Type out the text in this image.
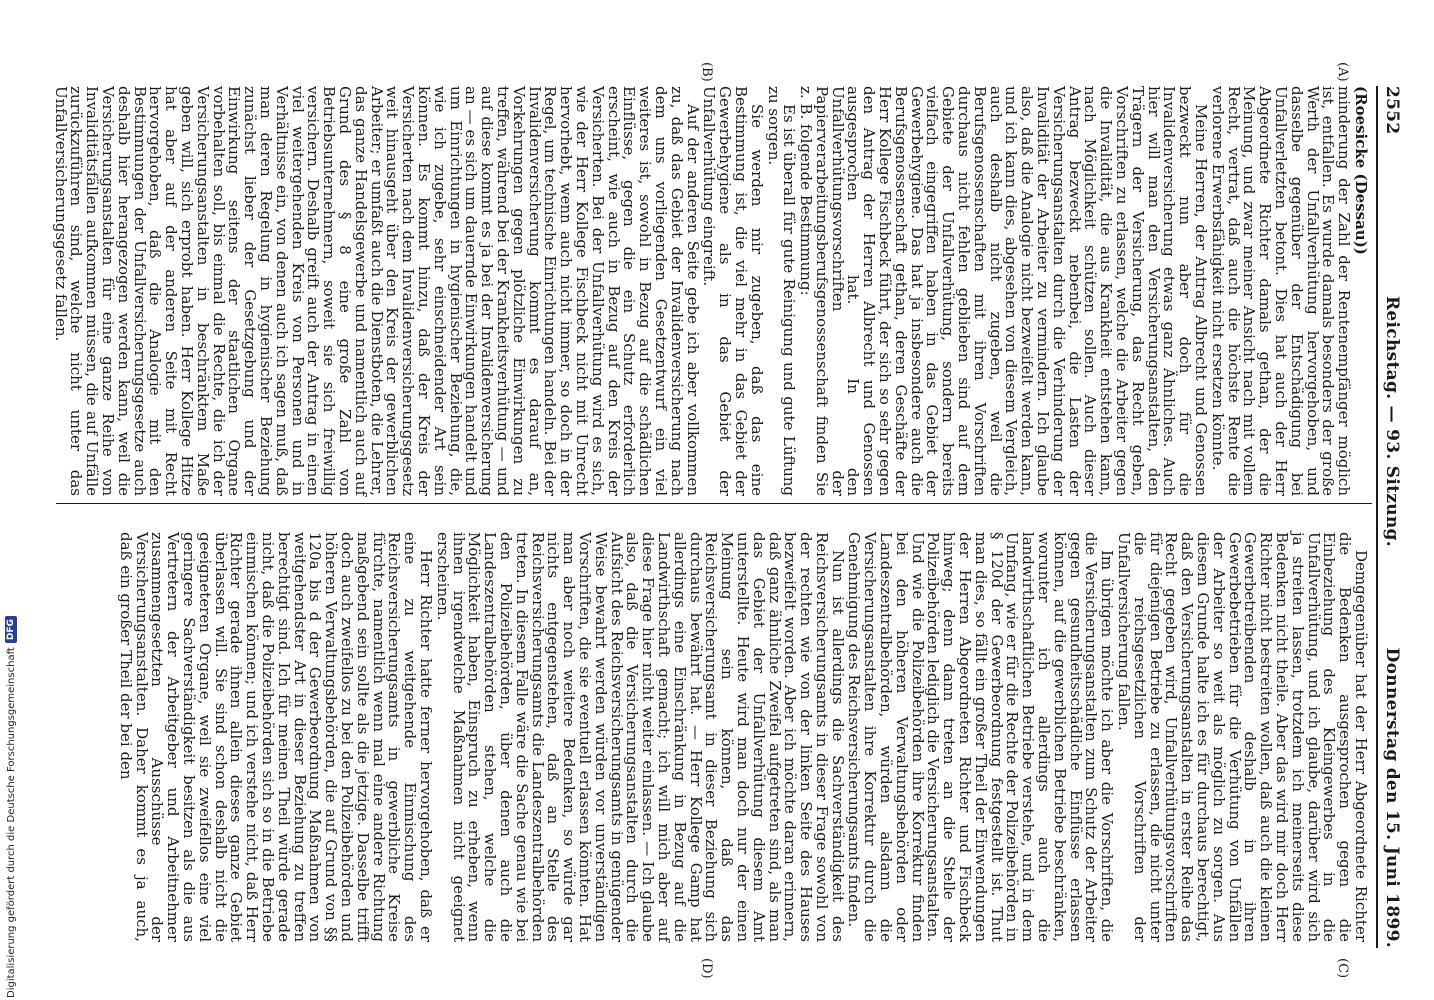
2552
Reichstag. — 93. Sitzung.
Donnerstag den 15. Juni 1899.
(A)
(B)
(C)
(D)

(Roesicke (Dessau))

minderung der Zahl der Rentenempfänger möglich ist, entfallen. Es wurde damals besonders der große Werth der Unfallverhütung hervorgehoben, und dasselbe gegenüber der Entschädigung bei Unfallverletzten betont. Dies hat auch der Herr Abgeordnete Richter damals gethan, der die Meinung, und zwar meiner Ansicht nach mit vollem Recht, vertrat, daß auch die höchste Rente die verlorene Erwerbsfähigkeit nicht ersetzen könnte.

Meine Herren, der Antrag Albrecht und Genossen bezweckt nun aber doch für die Invalidenversicherung etwas ganz Ähnliches. Auch hier will man den Versicherungsanstalten, den Trägern der Versicherung, das Recht geben, Vorschriften zu erlassen, welche die Arbeiter gegen die Invalidität, die aus Krankheit entstehen kann, nach Möglichkeit schützen sollen. Auch dieser Antrag bezweckt nebenbei, die Lasten der Versicherungsanstalten durch die Verhinderung der Invalidität der Arbeiter zu vermindern. Ich glaube also, daß die Analogie nicht bezweifelt werden kann, und ich kann dies, abgesehen von diesem Vergleich, auch deshalb nicht zugeben, weil die Berufsgenossenschaften mit ihren Vorschriften durchaus nicht fehlen geblieben sind auf dem Gebiete der Unfallverhütung, sondern bereits vielfach eingegriffen haben in das Gebiet der Gewerbehygiene. Das hat ja insbesondere auch die Berufsgenossenschaft gethan, deren Geschäfte der Herr Kollege Fischbeck führt, der sich so sehr gegen den Antrag der Herren Albrecht und Genossen ausgesprochen hat. In den Unfallverhütungsvorschriften der Papierverarbeitungsberufsgenossenschaft finden Sie z. B. folgende Bestimmung:

Es ist überall für gute Reinigung und gute Lüftung zu sorgen.

Sie werden mir zugeben, daß das eine Bestimmung ist, die viel mehr in das Gebiet der Gewerbehygiene als in das Gebiet der Unfallverhütung eingreift.

Auf der anderen Seite gebe ich aber vollkommen zu, daß das Gebiet der Invalidenversicherung nach dem uns vorliegenden Gesetzentwurf ein viel weiteres ist, sowohl in Bezug auf die schädlichen Einflüsse, gegen die ein Schutz erforderlich erscheint, wie auch in Bezug auf den Kreis der Versicherten. Bei der Unfallverhütung wird es sich, wie der Herr Kollege Fischbeck nicht mit Unrecht hervorhebt, wenn auch nicht immer, so doch in der Regel, um technische Einrichtungen handeln. Bei der Invalidenversicherung kommt es darauf an, Vorkehrungen gegen plötzliche Einwirkungen zu treffen, während bei der Krankheitsverhütung — und auf diese kommt es ja bei der Invalidenversicherung an — es sich um dauernde Einwirkungen handelt und um Einrichtungen in hygienischer Beziehung, die, wie ich zugebe, sehr einschneidender Art sein können. Es kommt hinzu, daß der Kreis der Versicherten nach dem Invalidenversicherungsgesetz weit hinausgeht über den Kreis der gewerblichen Arbeiter; er umfaßt auch die Dienstboten, die Lehrer, das ganze Handelsgewerbe und namentlich auch auf Grund des § 8 eine große Zahl von Betriebsunternehmern, soweit sie sich freiwillig versichern. Deshalb greift auch der Antrag in einen viel weitergehenden Kreis von Personen und in Verhältnisse ein, von denen auch ich sagen muß, daß man deren Regelung in hygienischer Beziehung zunächst lieber der Gesetzgebung und der Einwirkung seitens der staatlichen Organe vorbehalten soll, bis einmal die Rechte, die ich der Versicherungsanstalten in beschränktem Maße geben will, sich erprobt haben. Herr Kollege Hitze hat aber auf der anderen Seite mit Recht hervorgehoben, daß die Analogie mit den Bestimmungen der Unfallversicherungsgesetze auch deshalb hier herangezogen werden kann, weil die Versicherungsanstalten für eine ganze Reihe von Invaliditätsfällen aufkommen müssen, die auf Unfälle zurückzuführen sind, welche nicht unter das Unfallversicherungsgesetz fallen.

Demgegenüber hat der Herr Abgeordnete Richter die Bedenken ausgesprochen gegen die Einbeziehung des Kleingewerbes in die Unfallverhütung, und ich glaube, darüber wird sich ja streiten lassen, trotzdem ich meinerseits diese Bedenken nicht theile. Aber das wird mir doch Herr Richter nicht bestreiten wollen, daß auch die kleinen Gewerbetreibenden deshalb in ihren Gewerbebetrieben für die Verhütung von Unfällen der Arbeiter so weit als möglich zu sorgen. Aus diesem Grunde halte ich es für durchaus berechtigt, daß den Versicherungsanstalten in erster Reihe das Recht gegeben wird, Unfallverhütungsvorschriften für diejenigen Betriebe zu erlassen, die nicht unter die reichsgesetzlichen Vorschriften der Unfallversicherung fallen.

Im übrigen möchte ich aber die Vorschriften, die die Versicherungsanstalten zum Schutz der Arbeiter gegen gesundheitsschädliche Einflüsse erlassen können, auf die gewerblichen Betriebe beschränken, worunter ich allerdings auch die landwirthschaftlichen Betriebe verstehe, und in dem Umfang, wie er für die Rechte der Polizeibehörden in § 120d der Gewerbeordnung festgestellt ist. Thut man dies, so fällt ein großer Theil der Einwendungen der Herren Abgeordneten Richter und Fischbeck hinweg; denn dann treten an die Stelle der Polizeibehörden lediglich die Versicherungsanstalten. Und wie die Polizeibehörden ihre Korrektur finden bei den höheren Verwaltungsbehörden oder Landeszentralbehörden, würden alsdann die Versicherungsanstalten ihre Korrektur durch die Genehmigung des Reichsversicherungsamts finden.

Nun ist allerdings die Sachverständigkeit des Reichsversicherungsamts in dieser Frage sowohl von der rechten wie von der linken Seite des Hauses bezweifelt worden. Aber ich möchte daran erinnern, daß ganz ähnliche Zweifel aufgetreten sind, als man das Gebiet der Unfallverhütung diesem Amt unterstellte. Heute wird man doch nur der einen Meinung sein können, daß das Reichsversicherungsamt in dieser Beziehung sich durchaus bewährt hat. — Herr Kollege Gamp hat allerdings eine Einschränkung in Bezug auf die Landwirthschaft gemacht; ich will mich aber auf diese Frage hier nicht weiter einlassen. — Ich glaube also, daß die Versicherungsanstalten durch die Aufsicht des Reichsversicherungsamts in genügender Weise bewahrt werden würden vor unverständigen Vorschriften, die sie eventuell erlassen könnten. Hat man aber noch weitere Bedenken, so würde gar nichts entgegenstehen, daß an Stelle des Reichsversicherungsamts die Landeszentralbehörden treten. In diesem Falle wäre die Sache genau wie bei den Polizeibehörden, über denen auch die Landeszentralbehörden stehen, welche die Möglichkeit haben, Einspruch zu erheben, wenn ihnen irgendwelche Maßnahmen nicht geeignet erscheinen.

Herr Richter hatte ferner hervorgehoben, daß er eine zu weitgehende Einmischung des Reichsversicherungsamts in gewerbliche Kreise fürchte, namentlich wenn mal eine andere Richtung maßgebend sein sollte als die jetzige. Dasselbe trifft doch auch zweifellos zu bei den Polizeibehörden und höheren Verwaltungsbehörden, die auf Grund von §§ 120a bis d der Gewerbeordnung Maßnahmen von weitgehendster Art in dieser Beziehung zu treffen berechtigt sind. Ich für meinen Theil würde gerade nicht, daß die Polizeibehörden sich so in die Betriebe einmischen können; und ich verstehe nicht, daß Herr Richter gerade ihnen allein dieses ganze Gebiet überlassen will. Sie sind schon deshalb nicht die geeigneteren Organe, weil sie zweifellos eine viel geringere Sachverständigkeit besitzen als die aus Vertretern der Arbeitgeber und Arbeitnehmer zusammengesetzten Ausschüsse der Versicherungsanstalten. Daher kommt es ja auch, daß ein großer Theil der bei den

Digitalisierung gefördert durch die Deutsche Forschungsgemeinschaft
DFG
